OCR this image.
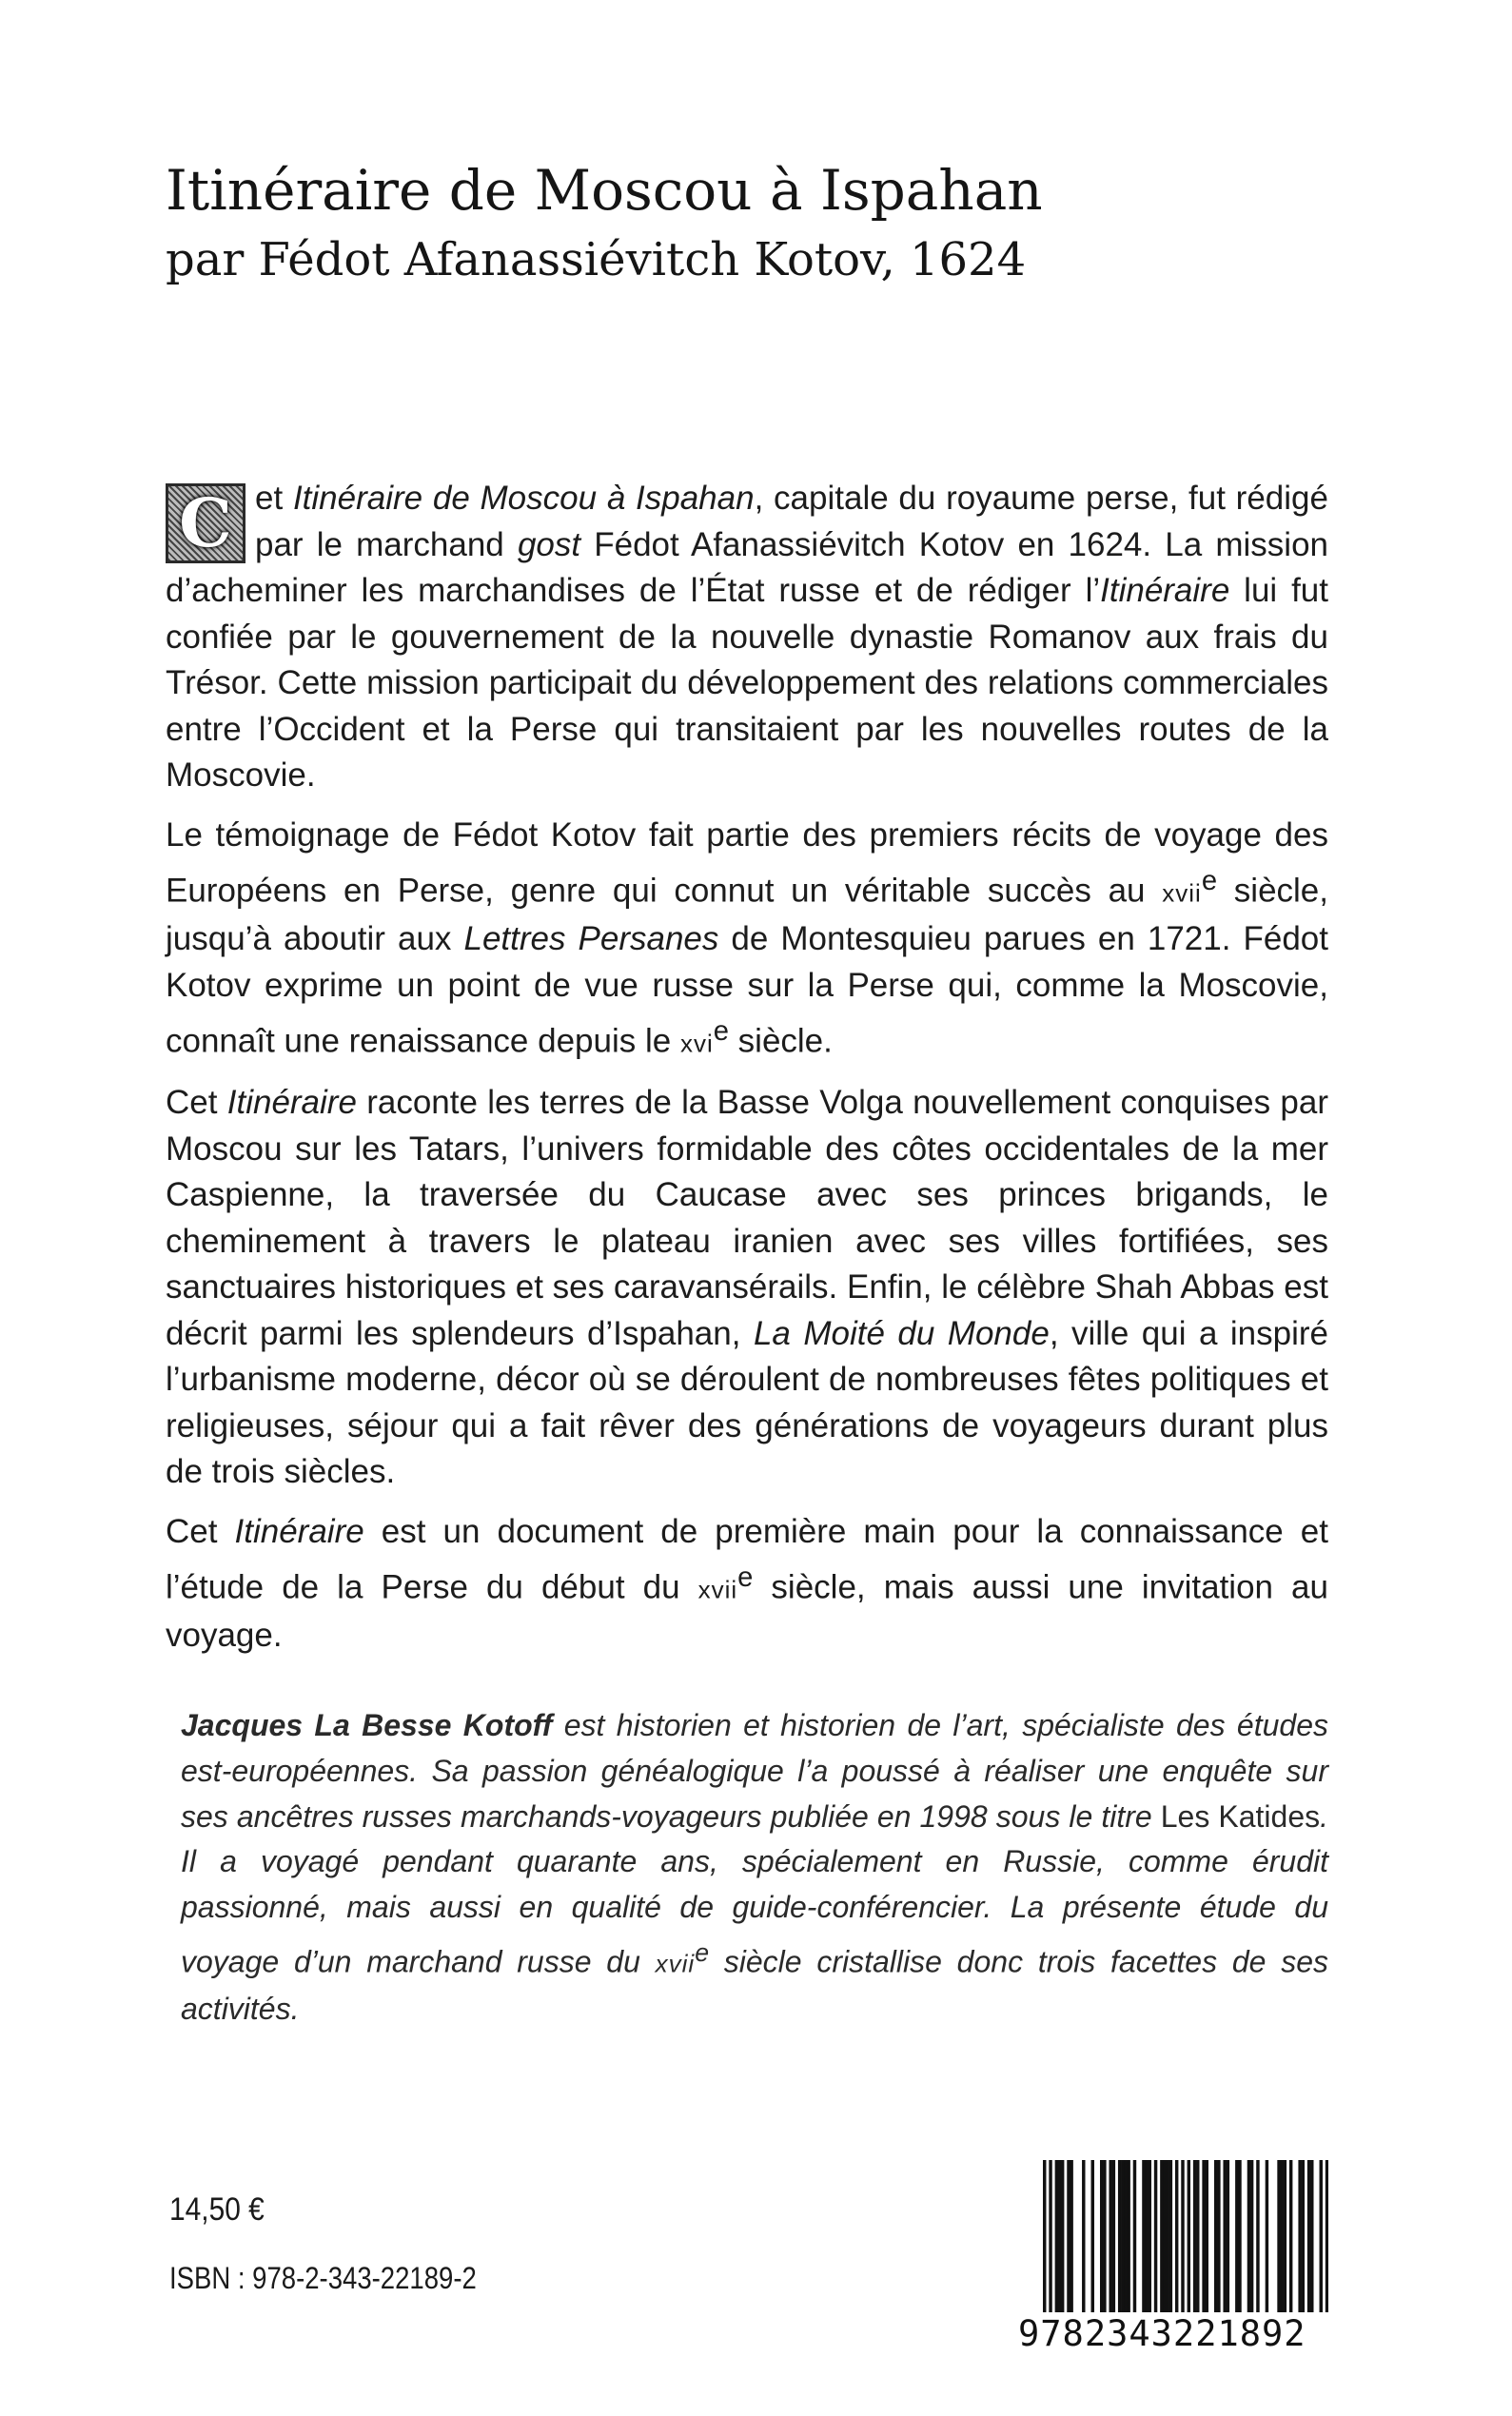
Itinéraire de Moscou à Ispahan
par Fédot Afanassiévitch Kotov, 1624

C et Itinéraire de Moscou à Ispahan, capitale du royaume perse, fut rédigé par le marchand gost Fédot Afanassiévitch Kotov en 1624. La mission d’acheminer les marchandises de l’État russe et de rédiger l’Itinéraire lui fut confiée par le gouvernement de la nouvelle dynastie Romanov aux frais du Trésor. Cette mission participait du développement des relations commerciales entre l’Occident et la Perse qui transitaient par les nouvelles routes de la Moscovie.

Le témoignage de Fédot Kotov fait partie des premiers récits de voyage des Européens en Perse, genre qui connut un véritable succès au xvii$^e$ siècle, jusqu’à aboutir aux Lettres Persanes de Montesquieu parues en 1721. Fédot Kotov exprime un point de vue russe sur la Perse qui, comme la Moscovie, connaît une renaissance depuis le xvi$^e$ siècle.

Cet Itinéraire raconte les terres de la Basse Volga nouvellement conquises par Moscou sur les Tatars, l’univers formidable des côtes occidentales de la mer Caspienne, la traversée du Caucase avec ses princes brigands, le cheminement à travers le plateau iranien avec ses villes fortifiées, ses sanctuaires historiques et ses caravansérails. Enfin, le célèbre Shah Abbas est décrit parmi les splendeurs d’Ispahan, La Moité du Monde, ville qui a inspiré l’urbanisme moderne, décor où se déroulent de nombreuses fêtes politiques et religieuses, séjour qui a fait rêver des générations de voyageurs durant plus de trois siècles.

Cet Itinéraire est un document de première main pour la connaissance et l’étude de la Perse du début du xvii$^e$ siècle, mais aussi une invitation au voyage.

Jacques La Besse Kotoff est historien et historien de l’art, spécialiste des études est-européennes. Sa passion généalogique l’a poussé à réaliser une enquête sur ses ancêtres russes marchands-voyageurs publiée en 1998 sous le titre Les Katides. Il a voyagé pendant quarante ans, spécialement en Russie, comme érudit passionné, mais aussi en qualité de guide-conférencier. La présente étude du voyage d’un marchand russe du xvii$^e$ siècle cristallise donc trois facettes de ses activités.

14,50 €
ISBN : 978-2-343-22189-2
9782343221892
